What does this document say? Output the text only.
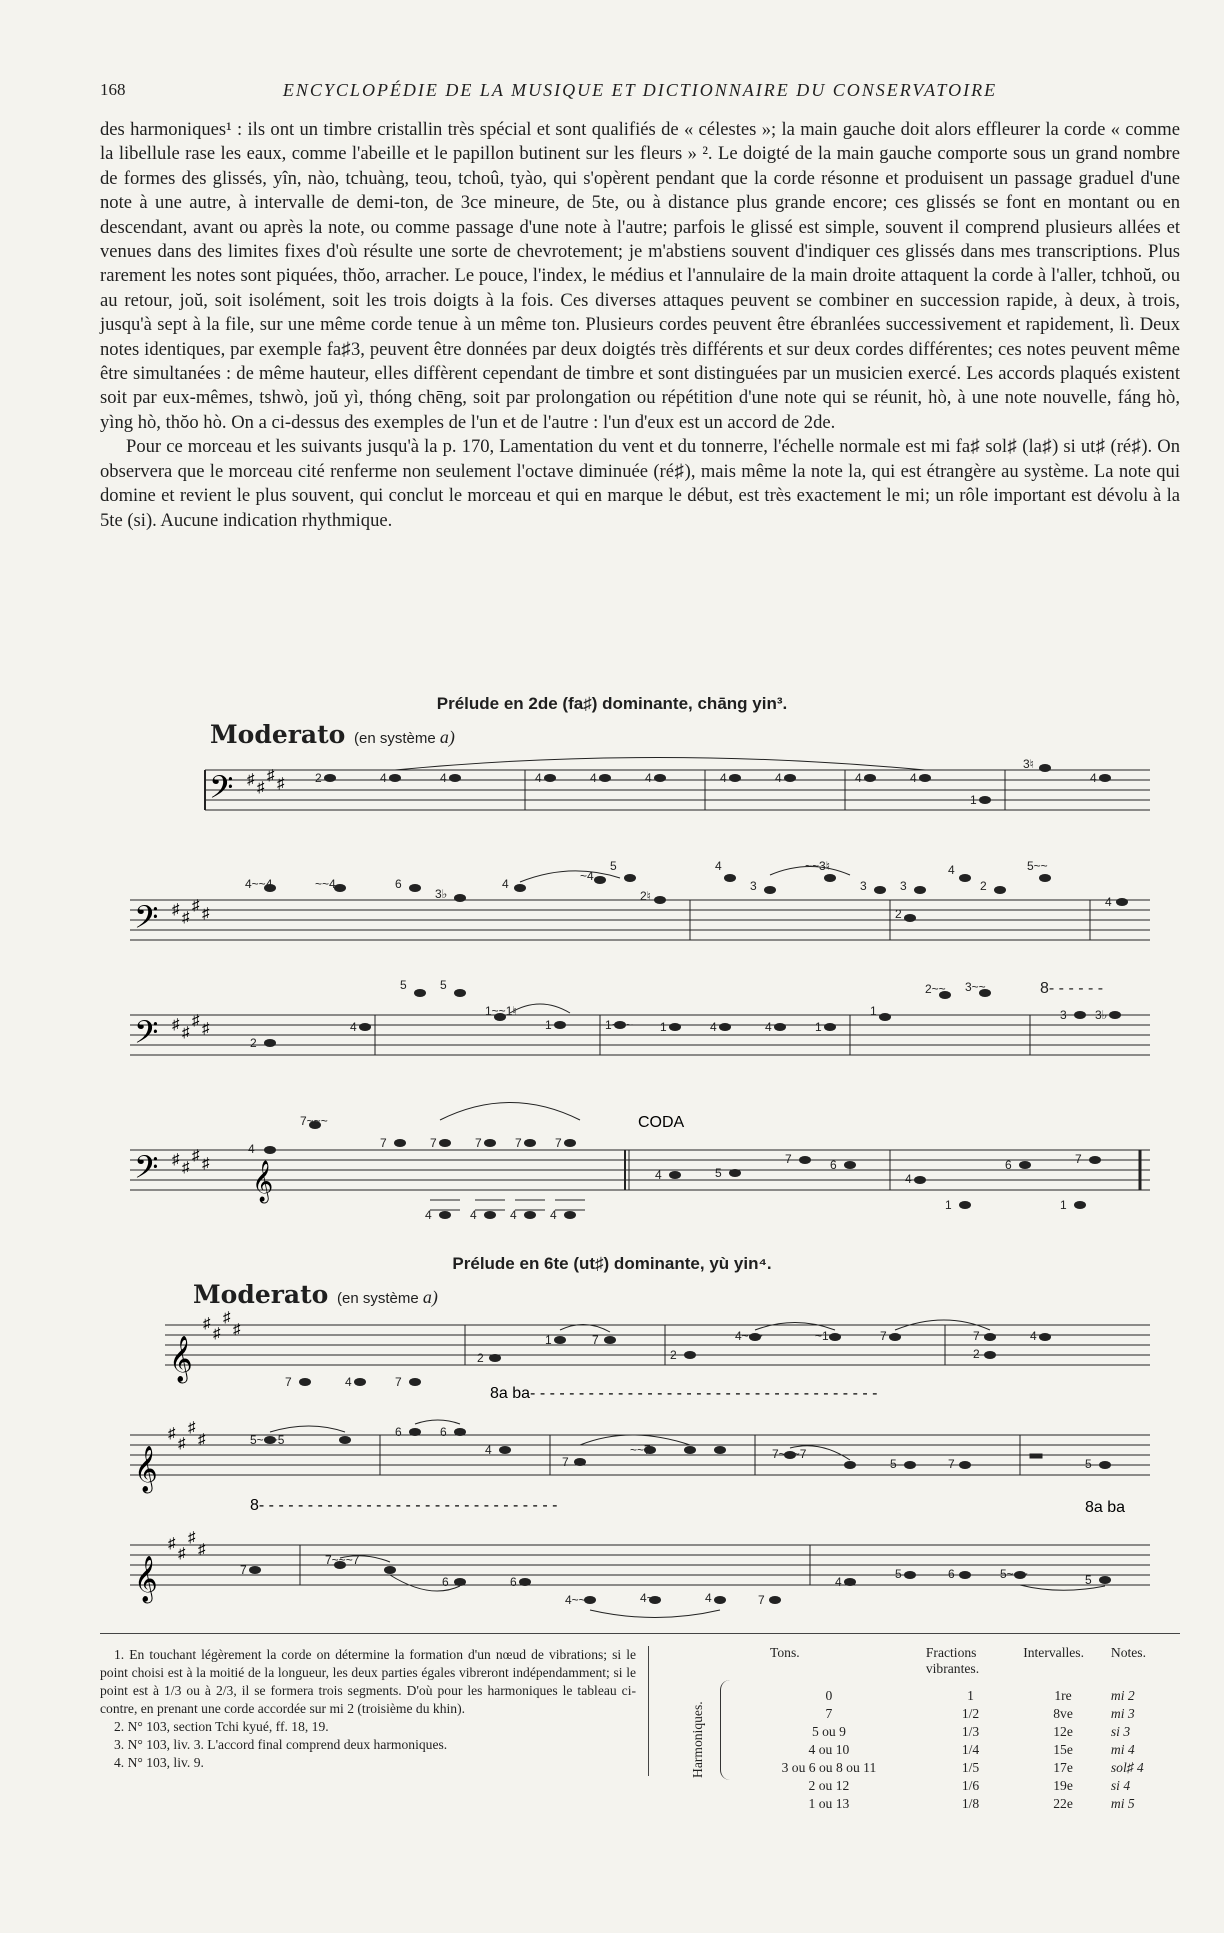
168	ENCYCLOPÉDIE DE LA MUSIQUE ET DICTIONNAIRE DU CONSERVATOIRE

des harmoniques¹ : ils ont un timbre cristallin très spécial et sont qualifiés de « célestes »; la main gauche doit alors effleurer la corde « comme la libellule rase les eaux, comme l'abeille et le papillon butinent sur les fleurs » ². Le doigté de la main gauche comporte sous un grand nombre de formes des glissés, yîn, nào, tchuàng, teou, tchoû, tyào, qui s'opèrent pendant que la corde résonne et produisent un passage graduel d'une note à une autre, à intervalle de demi-ton, de 3ce mineure, de 5te, ou à distance plus grande encore; ces glissés se font en montant ou en descendant, avant ou après la note, ou comme passage d'une note à l'autre; parfois le glissé est simple, souvent il comprend plusieurs allées et venues dans des limites fixes d'où résulte une sorte de chevrotement; je m'abstiens souvent d'indiquer ces glissés dans mes transcriptions. Plus rarement les notes sont piquées, thŏo, arracher. Le pouce, l'index, le médius et l'annulaire de la main droite attaquent la corde à l'aller, tchhoŭ, ou au retour, joŭ, soit isolément, soit les trois doigts à la fois. Ces diverses attaques peuvent se combiner en succession rapide, à deux, à trois, jusqu'à sept à la file, sur une même corde tenue à un même ton. Plusieurs cordes peuvent être ébranlées successivement et rapidement, lì. Deux notes identiques, par exemple fa♯3, peuvent être données par deux doigtés très différents et sur deux cordes différentes; ces notes peuvent même être simultanées : de même hauteur, elles diffèrent cependant de timbre et sont distinguées par un musicien exercé. Les accords plaqués existent soit par eux-mêmes, tshwò, joŭ yì, thóng chēng, soit par prolongation ou répétition d'une note qui se réunit, hò, à une note nouvelle, fáng hò, yìng hò, thŏo hò. On a ci-dessus des exemples de l'un et de l'autre : l'un d'eux est un accord de 2de.

Pour ce morceau et les suivants jusqu'à la p. 170, Lamentation du vent et du tonnerre, l'échelle normale est mi fa♯ sol♯ (la♯) si ut♯ (ré♯). On observera que le morceau cité renferme non seulement l'octave diminuée (ré♯), mais même la note la, qui est étrangère au système. La note qui domine et revient le plus souvent, qui conclut le morceau et qui en marque le début, est très exactement le mi; un rôle important est dévolu à la 5te (si). Aucune indication rhythmique.

Prélude en 2de (fa♯) dominante, chāng yin³.
Moderato (en système a)
𝄢 ♯ ♯
♯ ♯	2	4	4	4	4	4	4	4	4	4
1
3♮
4
𝄢 ♯ ♯
♯ ♯
4~~4	~~4	6
3♭
4
~4
5
2♮
4
3
~~3♮
3	3
2
4
2
5~~
4
𝄢 ♯ ♯
♯ ♯
2
4
5	5
1~~1♮
1	1~~~ 1	4	4	1
1
2~~ 3~~	8- - - - - -
3 3♭
𝄢 ♯ ♯
♯ ♯ 𝄞
CODA
4
7~~~
7	7	7	7	7
4	4	4	4
4	5
7	6
4
1
6	7
1
Prélude en 6te (ut♯) dominante, yù yin⁴.
Moderato (en système a)
𝄞
♯
♯
♯
♯
7	4	7
2
1	7
2
4~~~	~1	7	7
2
4
8a ba- - - - - - - - - - - - - - - - - - - - - - - - - - - - - - - - - - - -
𝄞
♯
♯
♯
♯	5~~~5
6	6
4
7
~~7	7~~~7
5	7	5
8- - - - - - - - - - - - - - - - - - - - - - - - - - - - - - -	8a ba
𝄞
♯
♯
♯
♯
7
7~~~7
6	6
4~~	4~~	4	7
4
5	6	5~~~	5

1. En touchant légèrement la corde on détermine la formation d'un nœud de vibrations; si le point choisi est à la moitié de la longueur, les deux parties égales vibreront indépendamment; si le point est à 1/3 ou à 2/3, il se formera trois segments. D'où pour les harmoniques le tableau ci-contre, en prenant une corde accordée sur mi 2 (troisième du khin).

2. N° 103, section Tchi kyué, ff. 18, 19.

3. N° 103, liv. 3. L'accord final comprend deux harmoniques.

4. N° 103, liv. 9.	Harmoniques.
Tons.	Fractions vibrantes.	Intervalles.	Notes.

0	1	1re	mi 2
7	1/2	8ve	mi 3
5 ou 9	1/3	12e	si 3
4 ou 10	1/4	15e	mi 4
3 ou 6 ou 8 ou 11	1/5	17e	sol♯ 4
2 ou 12	1/6	19e	si 4
1 ou 13	1/8	22e	mi 5
